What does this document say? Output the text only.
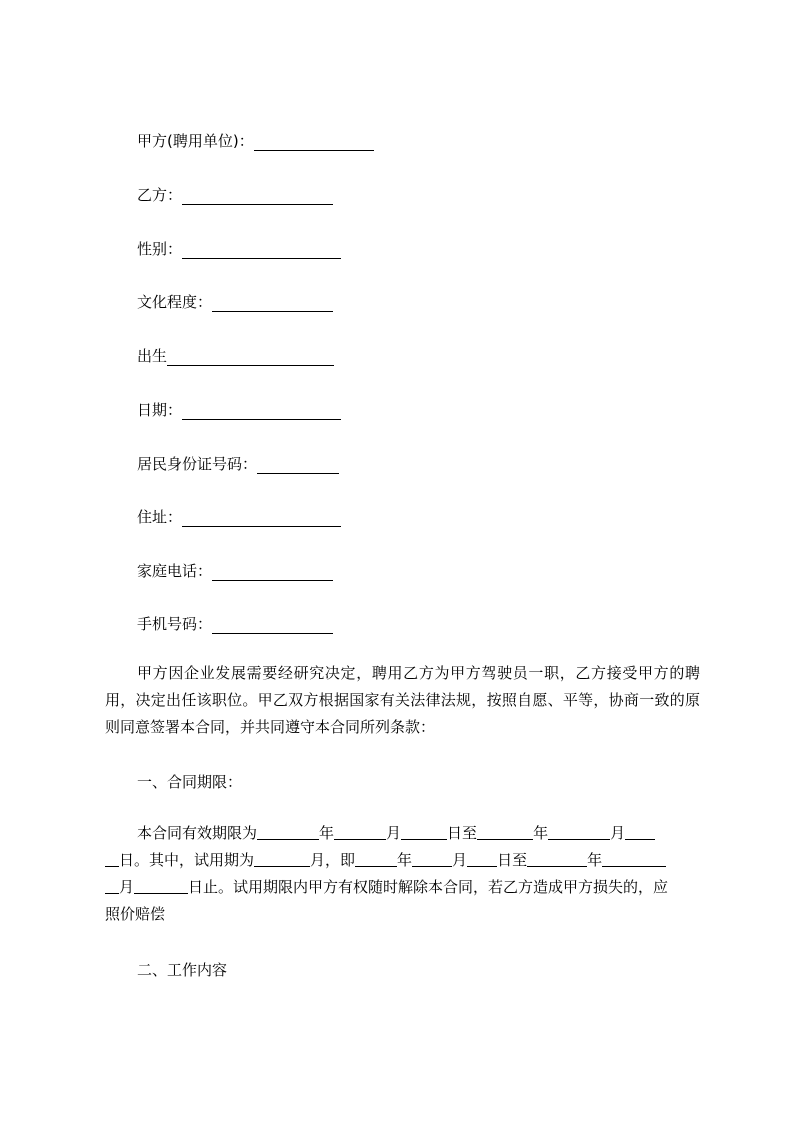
甲方(聘用单位)：
乙方：
性别：
文化程度：
出生
日期：
居民身份证号码：
住址：
家庭电话：
手机号码：
甲方因企业发展需要经研究决定，聘用乙方为甲方驾驶员一职，乙方接受甲方的聘用，决定出任该职位。甲乙双方根据国家有关法律法规，按照自愿、平等，协商一致的原则同意签署本合同，并共同遵守本合同所列条款：
一、合同期限：
本合同有效期限为	年	月	日至	年	月
日。其中，试用期为	月，即	年	月 日至	年
月	日止。试用期限内甲方有权随时解除本合同，若乙方造成甲方损失的，应
照价赔偿
二、工作内容
